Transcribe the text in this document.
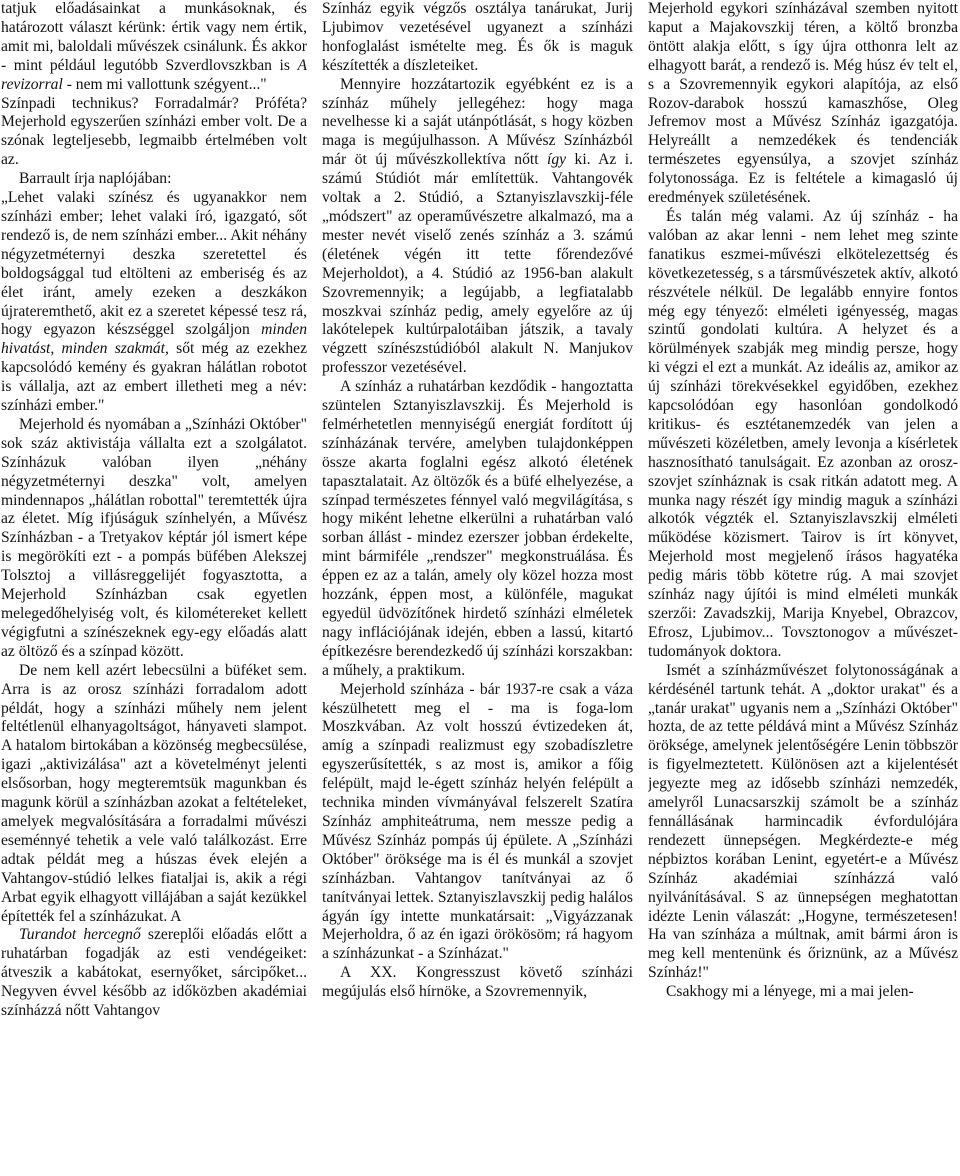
tatjuk előadásainkat a munkásoknak, és határozott választ kérünk: értik vagy nem értik, amit mi, baloldali művészek csinálunk. És akkor - mint például legutóbb Szverdlovszkban is A revizorral - nem mi vallottunk szégyent..."

Színpadi technikus? Forradalmár? Próféta? Mejerhold egyszerűen színházi ember volt. De a szónak legteljesebb, legmaibb értelmében volt az.

Barrault írja naplójában:

„Lehet valaki színész és ugyanakkor nem színházi ember; lehet valaki író, igazgató, sőt rendező is, de nem színházi ember... Akit néhány négyzetméternyi deszka szeretettel és boldogsággal tud eltölteni az emberiség és az élet iránt, amely ezeken a deszkákon újrateremthető, akit ez a szeretet képessé tesz rá, hogy egyazon készséggel szolgáljon minden hivatást, minden szakmát, sőt még az ezekhez kapcsolódó kemény és gyakran hálátlan robotot is vállalja, azt az embert illetheti meg a név: színházi ember."

Mejerhold és nyomában a „Színházi Október" sok száz aktivistája vállalta ezt a szolgálatot. Színházuk valóban ilyen „néhány négyzetméternyi deszka" volt, amelyen mindennapos „hálátlan robottal" teremtették újra az életet. Míg ifjúságuk színhelyén, a Művész Színházban - a Tretyakov képtár jól ismert képe is megörökíti ezt - a pompás büfében Alekszej Tolsztoj a villásreggelijét fogyasztotta, a Mejerhold Színházban csak egyetlen melegedőhelyiség volt, és kilométereket kellett végigfutni a színészeknek egy-egy előadás alatt az öltöző és a színpad között.

De nem kell azért lebecsülni a büféket sem. Arra is az orosz színházi forradalom adott példát, hogy a színházi műhely nem jelent feltétlenül elhanyagoltságot, hányaveti slampot. A hatalom birtokában a közönség megbecsülése, igazi „aktivizálása" azt a követelményt jelenti elsősorban, hogy megteremtsük magunkban és magunk körül a színházban azokat a feltételeket, amelyek megvalósítására a forradalmi művészi eseménnyé tehetik a vele való találkozást. Erre adtak példát meg a húszas évek elején a Vahtangov-stúdió lelkes fiataljai is, akik a régi Arbat egyik elhagyott villájában a saját kezükkel építették fel a színházukat. A

Turandot hercegnő szereplői előadás előtt a ruhatárban fogadják az esti vendégeiket: átveszik a kabátokat, esernyőket, sárcipőket... Negyven évvel később az időközben akadémiai színházzá nőtt Vahtangov

Színház egyik végzős osztálya tanárukat, Jurij Ljubimov vezetésével ugyanezt a színházi honfoglalást ismételte meg. És ők is maguk készítették a díszleteiket.

Mennyire hozzátartozik egyébként ez is a színház műhely jellegéhez: hogy maga nevelhesse ki a saját utánpótlását, s hogy közben maga is megújulhasson. A Művész Színházból már öt új művészkollektíva nőtt így ki. Az i. számú Stúdiót már említettük. Vahtangovék voltak a 2. Stúdió, a Sztanyiszlavszkij-féle „módszert" az operaművészetre alkalmazó, ma a mester nevét viselő zenés színház a 3. számú (életének végén itt tette főrendezővé Mejerholdot), a 4. Stúdió az 1956-ban alakult Szovremennyik; a legújabb, a legfiatalabb moszkvai színház pedig, amely egyelőre az új lakótelepek kultúrpalotáiban játszik, a tavaly végzett színészstúdióból alakult N. Manjukov professzor vezetésével.

A színház a ruhatárban kezdődik - hangoztatta szüntelen Sztanyiszlavszkij. És Mejerhold is felmérhetetlen mennyiségű energiát fordított új színházának tervére, amelyben tulajdonképpen össze akarta foglalni egész alkotó életének tapasztalatait. Az öltözők és a büfé elhelyezése, a színpad természetes fénnyel való megvilágítása, s hogy miként lehetne elkerülni a ruhatárban való sorban állást - mindez ezerszer jobban érdekelte, mint bármiféle „rendszer" megkonstruálása. És éppen ez az a talán, amely oly közel hozza most hozzánk, éppen most, a különféle, magukat egyedül üdvözítőnek hirdető színházi elméletek nagy inflációjának idején, ebben a lassú, kitartó építkezésre berendezkedő új színházi korszakban: a műhely, a praktikum.

Mejerhold színháza - bár 1937-re csak a váza készülhetett meg el - ma is foga-lom Moszkvában. Az volt hosszú évtizedeken át, amíg a színpadi realizmust egy szobadíszletre egyszerűsítették, s az most is, amikor a főig felépült, majd le-égett színház helyén felépült a technika minden vívmányával felszerelt Szatíra Színház amphiteátruma, nem messze pedig a Művész Színház pompás új épülete. A „Színházi Október" öröksége ma is él és munkál a szovjet színházban. Vahtangov tanítványai az ő tanítványai lettek. Sztanyiszlavszkij pedig halálos ágyán így intette munkatársait: „Vigyázzanak Mejerholdra, ő az én igazi örökösöm; rá hagyom a színházunkat - a Színházat."

A XX. Kongresszust követő színházi megújulás első hírnöke, a Szovremennyik,

Mejerhold egykori színházával szemben nyitott kaput a Majakovszkij téren, a költő bronzba öntött alakja előtt, s így újra otthonra lelt az elhagyott barát, a rendező is. Még húsz év telt el, s a Szovremennyik egykori alapítója, az első Rozov-darabok hosszú kamaszhőse, Oleg Jefremov most a Művész Színház igazgatója. Helyreállt a nemzedékek és tendenciák természetes egyensúlya, a szovjet színház folytonossága. Ez is feltétele a kimagasló új eredmények születésének.

És talán még valami. Az új színház - ha valóban az akar lenni - nem lehet meg szinte fanatikus eszmei-művészi elkötelezettség és következetesség, s a társművészetek aktív, alkotó részvétele nélkül. De legalább ennyire fontos még egy tényező: elméleti igényesség, magas szintű gondolati kultúra. A helyzet és a körülmények szabják meg mindig persze, hogy ki végzi el ezt a munkát. Az ideális az, amikor az új színházi törekvésekkel egyidőben, ezekhez kapcsolódóan egy hasonlóan gondolkodó kritikus- és esztétanemzedék van jelen a művészeti közéletben, amely levonja a kísérletek hasznosítható tanulságait. Ez azonban az orosz-szovjet színháznak is csak ritkán adatott meg. A munka nagy részét így mindig maguk a színházi alkotók végzték el. Sztanyiszlavszkij elméleti működése közismert. Tairov is írt könyvet, Mejerhold most megjelenő írásos hagyatéka pedig máris több kötetre rúg. A mai szovjet színház nagy újítói is mind elméleti munkák szerzői: Zavadszkij, Marija Knyebel, Obrazcov, Efrosz, Ljubimov... Tovsztonogov a művészet-tudományok doktora.

Ismét a színházművészet folytonosságának a kérdésénél tartunk tehát. A „doktor urakat" és a „tanár urakat" ugyanis nem a „Színházi Október" hozta, de az tette példává mint a Művész Színház öröksége, amelynek jelentőségére Lenin többször is figyelmeztetett. Különösen azt a kijelentését jegyezte meg az idősebb színházi nemzedék, amelyről Lunacsarszkij számolt be a színház fennállásának harmincadik évfordulójára rendezett ünnepségen. Megkérdezte-e még népbiztos korában Lenint, egyetért-e a Művész Színház akadémiai színházzá való nyilvánításával. S az ünnepségen meghatottan idézte Lenin válaszát: „Hogyne, természetesen! Ha van színháza a múltnak, amit bármi áron is meg kell mentenünk és őriznünk, az a Művész Színház!"

Csakhogy mi a lényege, mi a mai jelen-
